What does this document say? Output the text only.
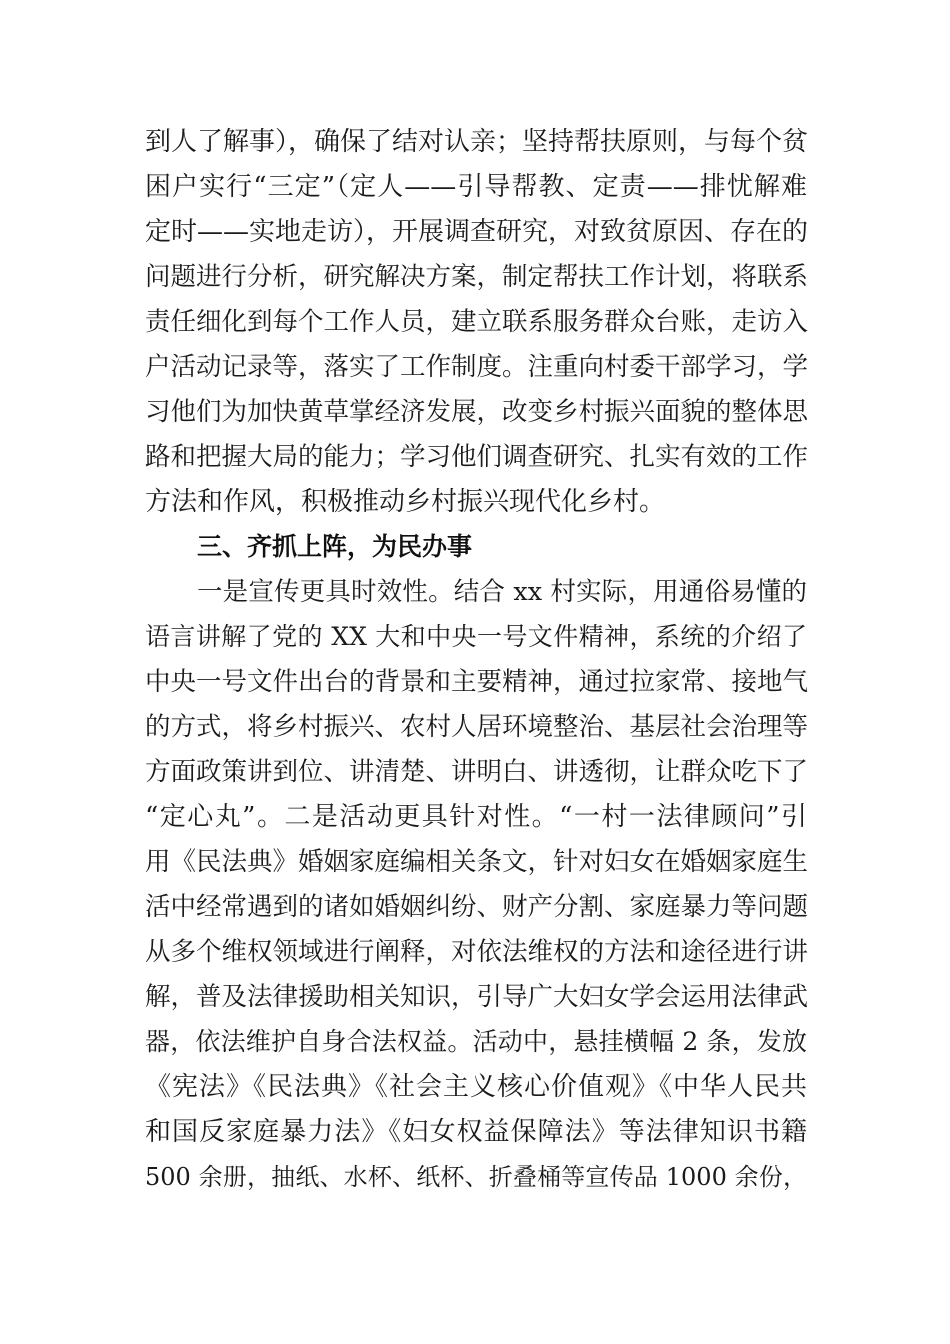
到人了解事），确保了结对认亲；坚持帮扶原则，与每个贫
困户实行“三定”（定人——引导帮教、定责——排忧解难
定时——实地走访），开展调查研究，对致贫原因、存在的
问题进行分析，研究解决方案，制定帮扶工作计划，将联系
责任细化到每个工作人员，建立联系服务群众台账，走访入
户活动记录等，落实了工作制度。注重向村委干部学习，学
习他们为加快黄草掌经济发展，改变乡村振兴面貌的整体思
路和把握大局的能力；学习他们调查研究、扎实有效的工作
方法和作风，积极推动乡村振兴现代化乡村。
三、齐抓上阵，为民办事
一是宣传更具时效性。结合 xx 村实际，用通俗易懂的
语言讲解了党的 XX 大和中央一号文件精神，系统的介绍了
中央一号文件出台的背景和主要精神，通过拉家常、接地气
的方式，将乡村振兴、农村人居环境整治、基层社会治理等
方面政策讲到位、讲清楚、讲明白、讲透彻，让群众吃下了
“定心丸”。二是活动更具针对性。“一村一法律顾问”引
用《民法典》婚姻家庭编相关条文，针对妇女在婚姻家庭生
活中经常遇到的诸如婚姻纠纷、财产分割、家庭暴力等问题
从多个维权领域进行阐释，对依法维权的方法和途径进行讲
解，普及法律援助相关知识，引导广大妇女学会运用法律武
器，依法维护自身合法权益。活动中，悬挂横幅 2 条，发放
《宪法》《民法典》《社会主义核心价值观》《中华人民共
和国反家庭暴力法》《妇女权益保障法》等法律知识书籍
500 余册，抽纸、水杯、纸杯、折叠桶等宣传品 1000 余份，
